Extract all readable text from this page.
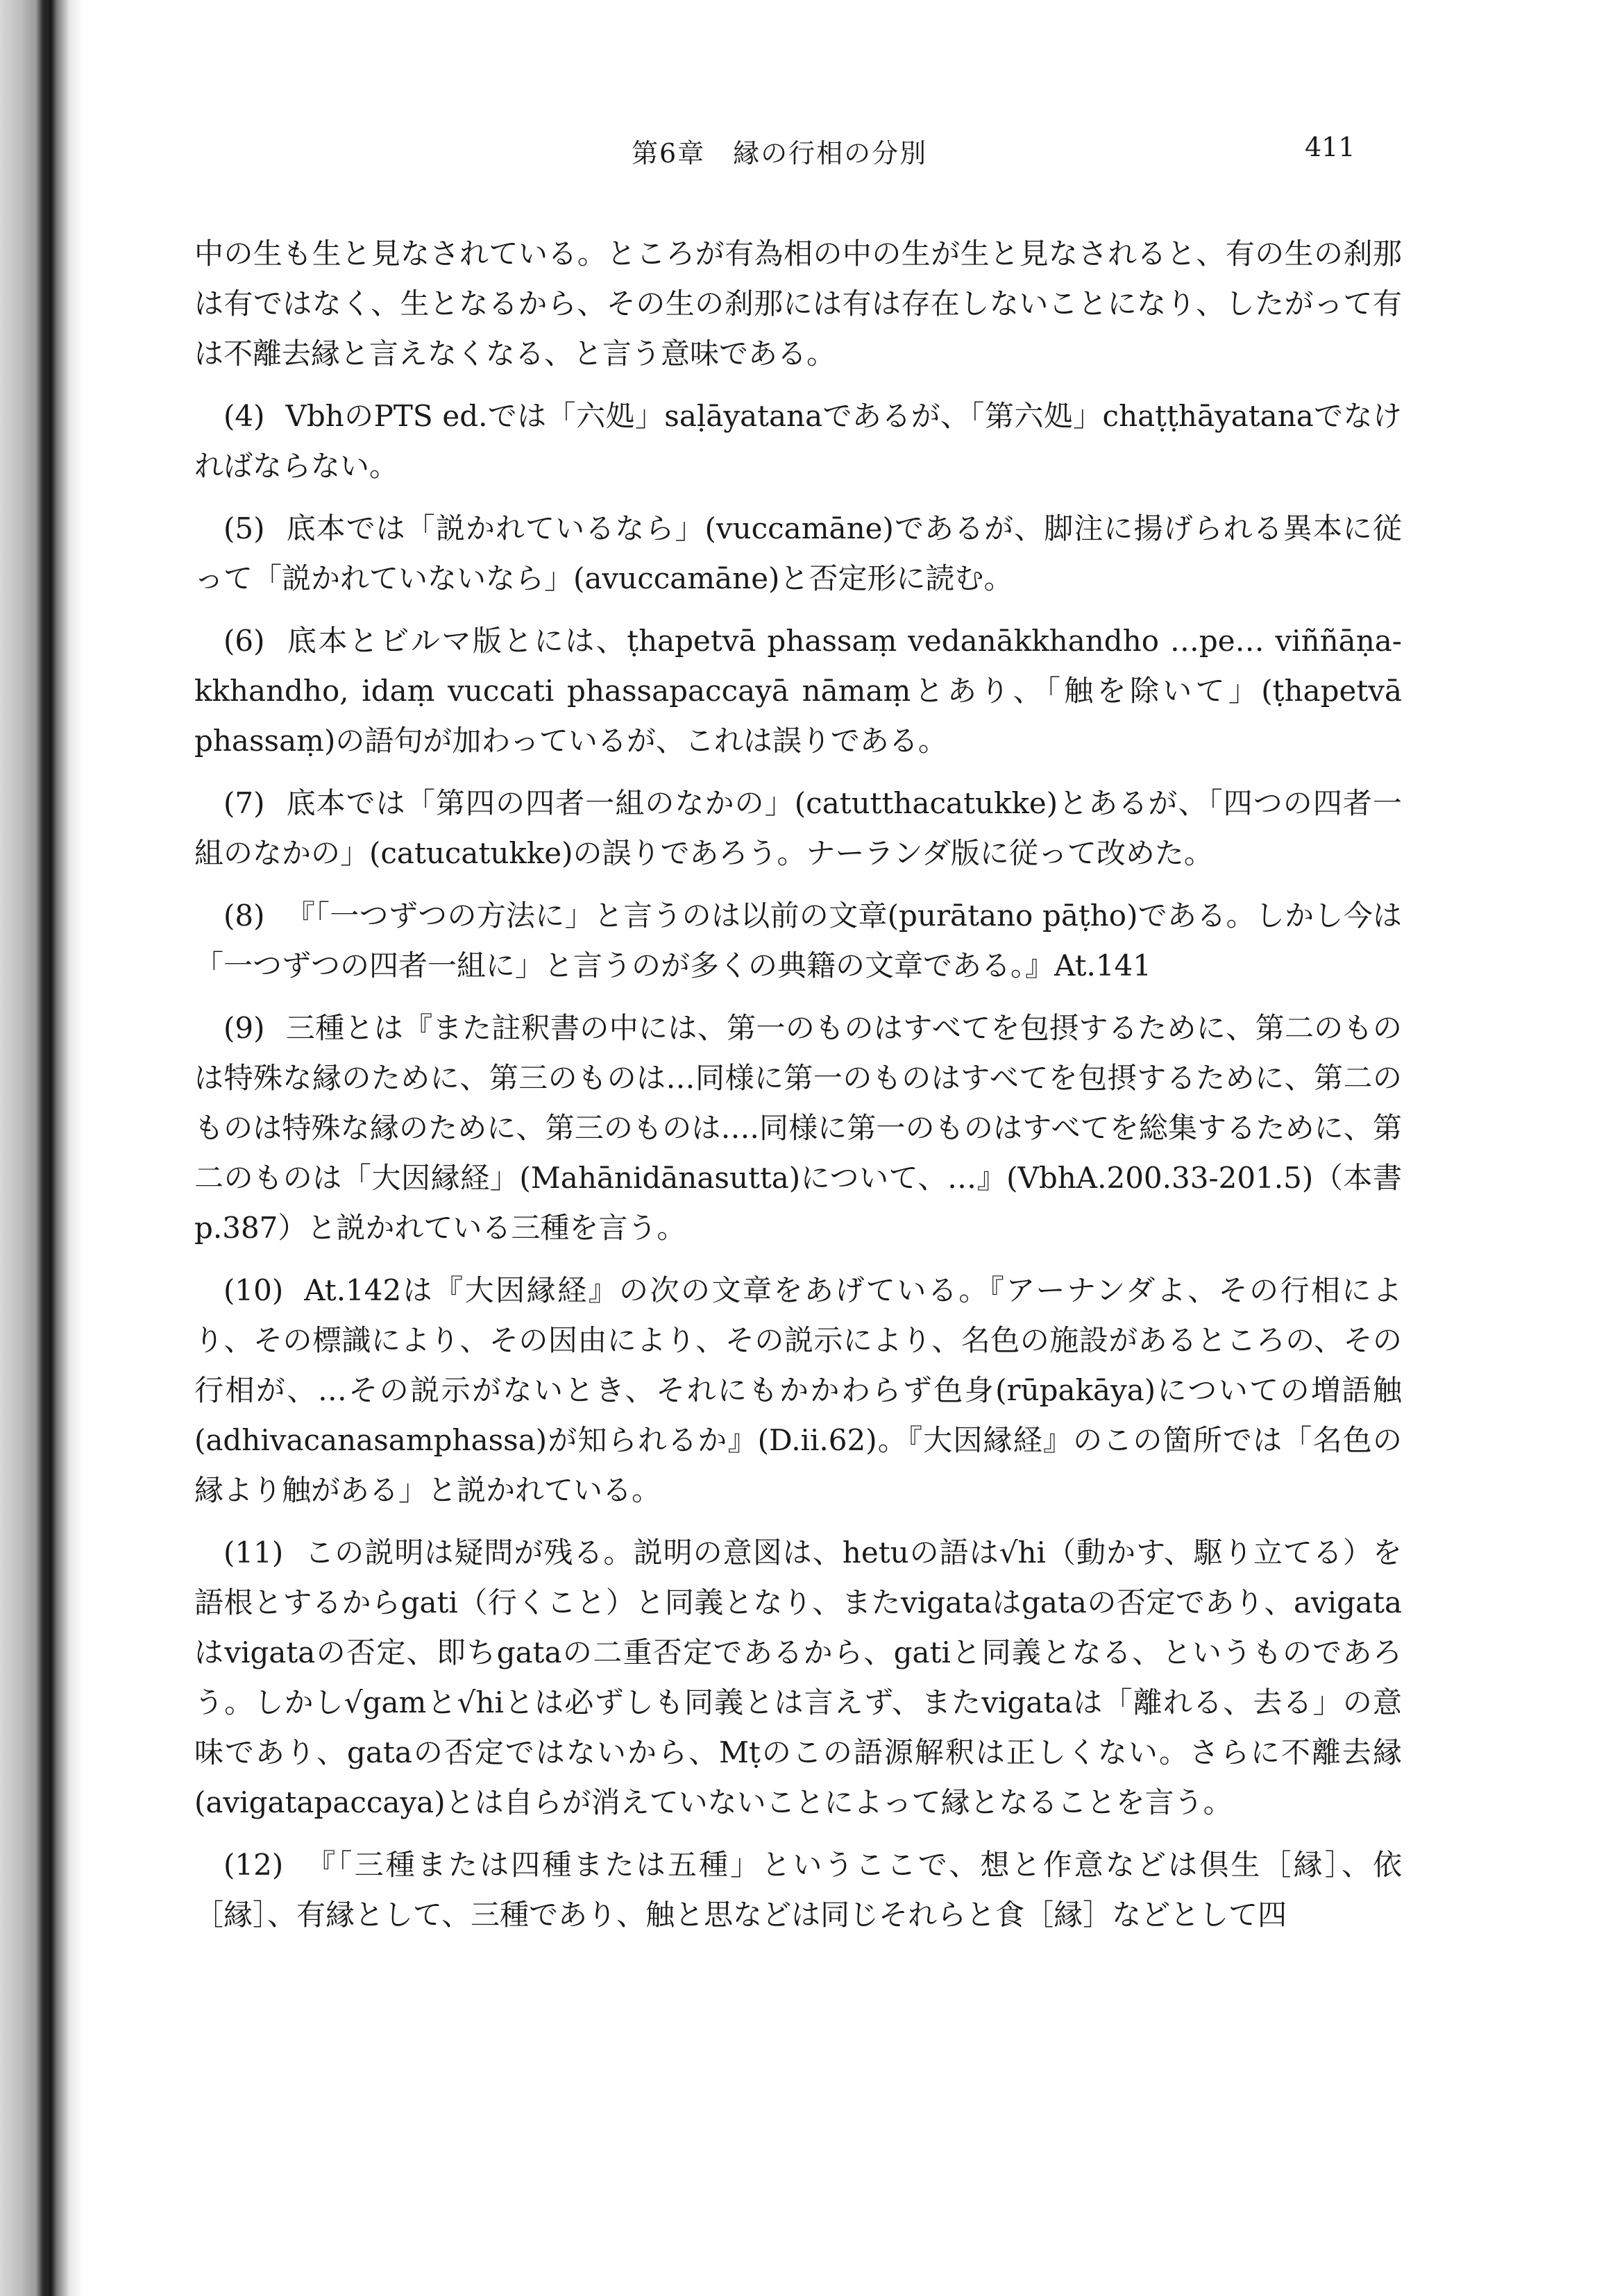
第6章　縁の行相の分別	411

中の生も生と見なされている。ところが有為相の中の生が生と見なされると、有の生の刹那は有ではなく、生となるから、その生の刹那には有は存在しないことになり、したがって有は不離去縁と言えなくなる、と言う意味である。

(4) VbhのPTS ed.では「六処」saḷāyatanaであるが、「第六処」chaṭṭhāyatanaでなければならない。

(5) 底本では「説かれているなら」(vuccamāne)であるが、脚注に揚げられる異本に従って「説かれていないなら」(avuccamāne)と否定形に読む。

(6) 底本とビルマ版とには、ṭhapetvā phassaṃ vedanākkhandho …pe… viññāṇa-kkhandho, idaṃ vuccati phassapaccayā nāmaṃとあり、「触を除いて」(ṭhapetvā phassaṃ)の語句が加わっているが、これは誤りである。

(7) 底本では「第四の四者一組のなかの」(catutthacatukke)とあるが、「四つの四者一組のなかの」(catucatukke)の誤りであろう。ナーランダ版に従って改めた。

(8) 『「一つずつの方法に」と言うのは以前の文章(purātano pāṭho)である。しかし今は「一つずつの四者一組に」と言うのが多くの典籍の文章である。』At.141

(9) 三種とは『また註釈書の中には、第一のものはすべてを包摂するために、第二のものは特殊な縁のために、第三のものは…同様に第一のものはすべてを包摂するために、第二のものは特殊な縁のために、第三のものは….同様に第一のものはすべてを総集するために、第二のものは「大因縁経」(Mahānidānasutta)について、…』(VbhA.200.33-201.5)（本書 p.387）と説かれている三種を言う。

(10) At.142は『大因縁経』の次の文章をあげている。『アーナンダよ、その行相により、その標識により、その因由により、その説示により、名色の施設があるところの、その行相が、…その説示がないとき、それにもかかわらず色身(rūpakāya)についての増語触(adhivacanasamphassa)が知られるか』(D.ii.62)。『大因縁経』のこの箇所では「名色の縁より触がある」と説かれている。

(11) この説明は疑問が残る。説明の意図は、hetuの語は√hi（動かす、駆り立てる）を語根とするからgati（行くこと）と同義となり、またvigataはgataの否定であり、avigataはvigataの否定、即ちgataの二重否定であるから、gatiと同義となる、というものであろう。しかし√gamと√hiとは必ずしも同義とは言えず、またvigataは「離れる、去る」の意味であり、gataの否定ではないから、Mṭのこの語源解釈は正しくない。さらに不離去縁(avigatapaccaya)とは自らが消えていないことによって縁となることを言う。

(12) 『「三種または四種または五種」というここで、想と作意などは倶生［縁］、依［縁］、有縁として、三種であり、触と思などは同じそれらと食［縁］などとして四
